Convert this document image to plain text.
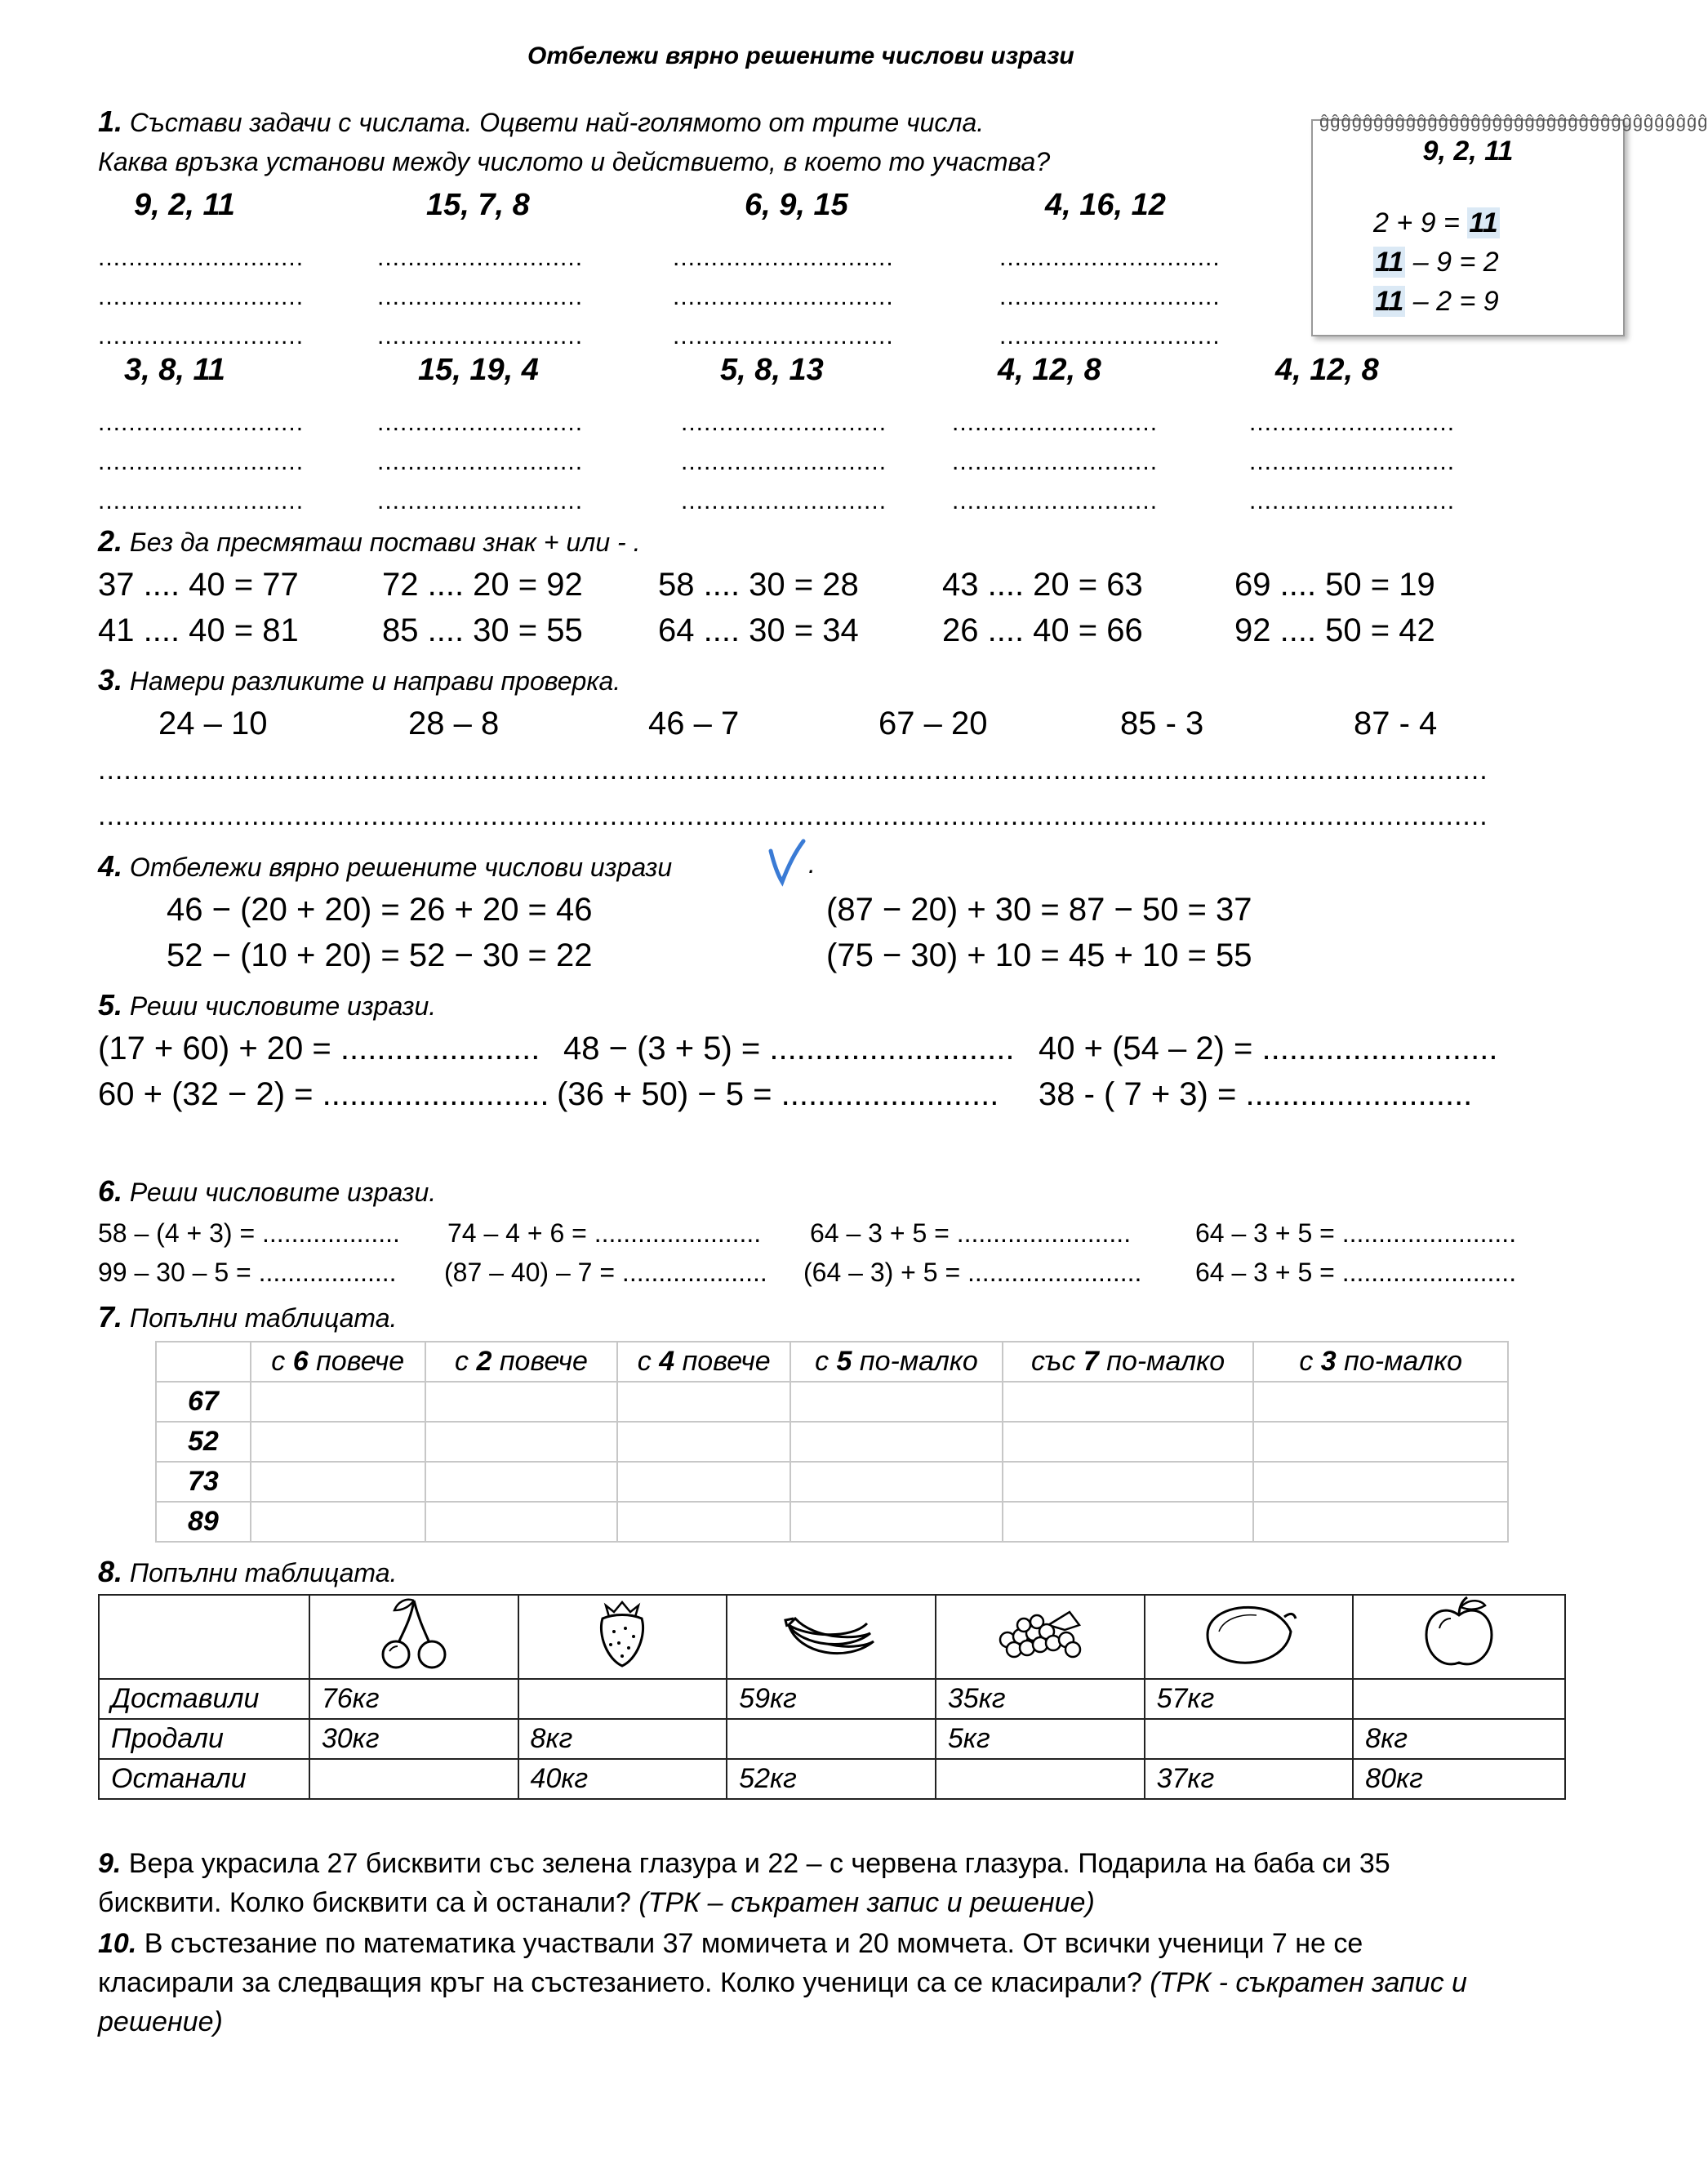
Отбележи вярно решените числови изрази
1. Състави задачи с числата. Оцвети най-голямото от трите числа.
Каква връзка установи между числото и действието, в което то участва?
9, 2, 11	15, 7, 8	6, 9, 15	4, 16, 12
...........................
...........................
...........................
...........................
...........................
...........................
.............................
.............................
.............................
.............................
.............................
.............................
ĝĝĝĝĝĝĝĝĝĝĝĝĝĝĝĝĝĝĝĝĝĝĝĝĝĝĝĝĝĝĝĝĝĝĝĝ
9, 2, 11
2 + 9 = 11
11 – 9 = 2
11 – 2 = 9
3, 8, 11	15, 19, 4	5, 8, 13	4, 12, 8	4, 12, 8
...........................
...........................
...........................
...........................
...........................
...........................
...........................
...........................
...........................
...........................
...........................
...........................
...........................
...........................
...........................
2. Без да пресмяташ постави знак + или - .
37 .... 40 = 77	72 .... 20 = 92 58 .... 30 = 28	43 .... 20 = 63	69 .... 50 = 19
41 .... 40 = 81	85 .... 30 = 55 64 .... 30 = 34	26 .... 40 = 66	92 .... 50 = 42
3. Намери разликите и направи проверка.
24 – 10	28 – 8	46 – 7	67 – 20	85 - 3	87 - 4
...................................................................................................................................................................
...................................................................................................................................................................
4. Отбележи вярно решените числови изрази	.
46 − (20 + 20) = 26 + 20 = 46	(87 − 20) + 30 = 87 − 50 = 37
52 − (10 + 20) = 52 − 30 = 22	(75 − 30) + 10 = 45 + 10 = 55
5. Реши числовите изрази.
(17 + 60) + 20 = ...................... 48 − (3 + 5) = ........................... 40 + (54 – 2) = ..........................
60 + (32 − 2) = ......................... (36 + 50) − 5 = ........................ 38 - ( 7 + 3) = .........................
6. Реши числовите изрази.
58 – (4 + 3) = ................... 74 – 4 + 6 = ....................... 64 – 3 + 5 = ........................ 64 – 3 + 5 = ........................
99 – 30 – 5 = ................... (87 – 40) – 7 = .................... (64 – 3) + 5 = ........................ 64 – 3 + 5 = ........................
7. Попълни таблицата.
	с 6 повече	с 2 повече	с 4 повече	с 5 по-малко	със 7 по-малко	с 3 по-малко
67						
52						
73						
89						
8. Попълни таблицата.

Доставили	76кг		59кг	35кг	57кг	
Продали	30кг	8кг		5кг		8кг
Останали		40кг	52кг		37кг	80кг
9. Вера украсила 27 бисквити със зелена глазура и 22 – с червена глазура. Подарила на баба си 35
бисквити. Колко бисквити са ѝ останали? (ТРК – съкратен запис и решение)
10. В състезание по математика участвали 37 момичета и 20 момчета. От всички ученици 7 не се
класирали за следващия кръг на състезанието. Колко ученици са се класирали? (ТРК - съкратен запис и
решение)
